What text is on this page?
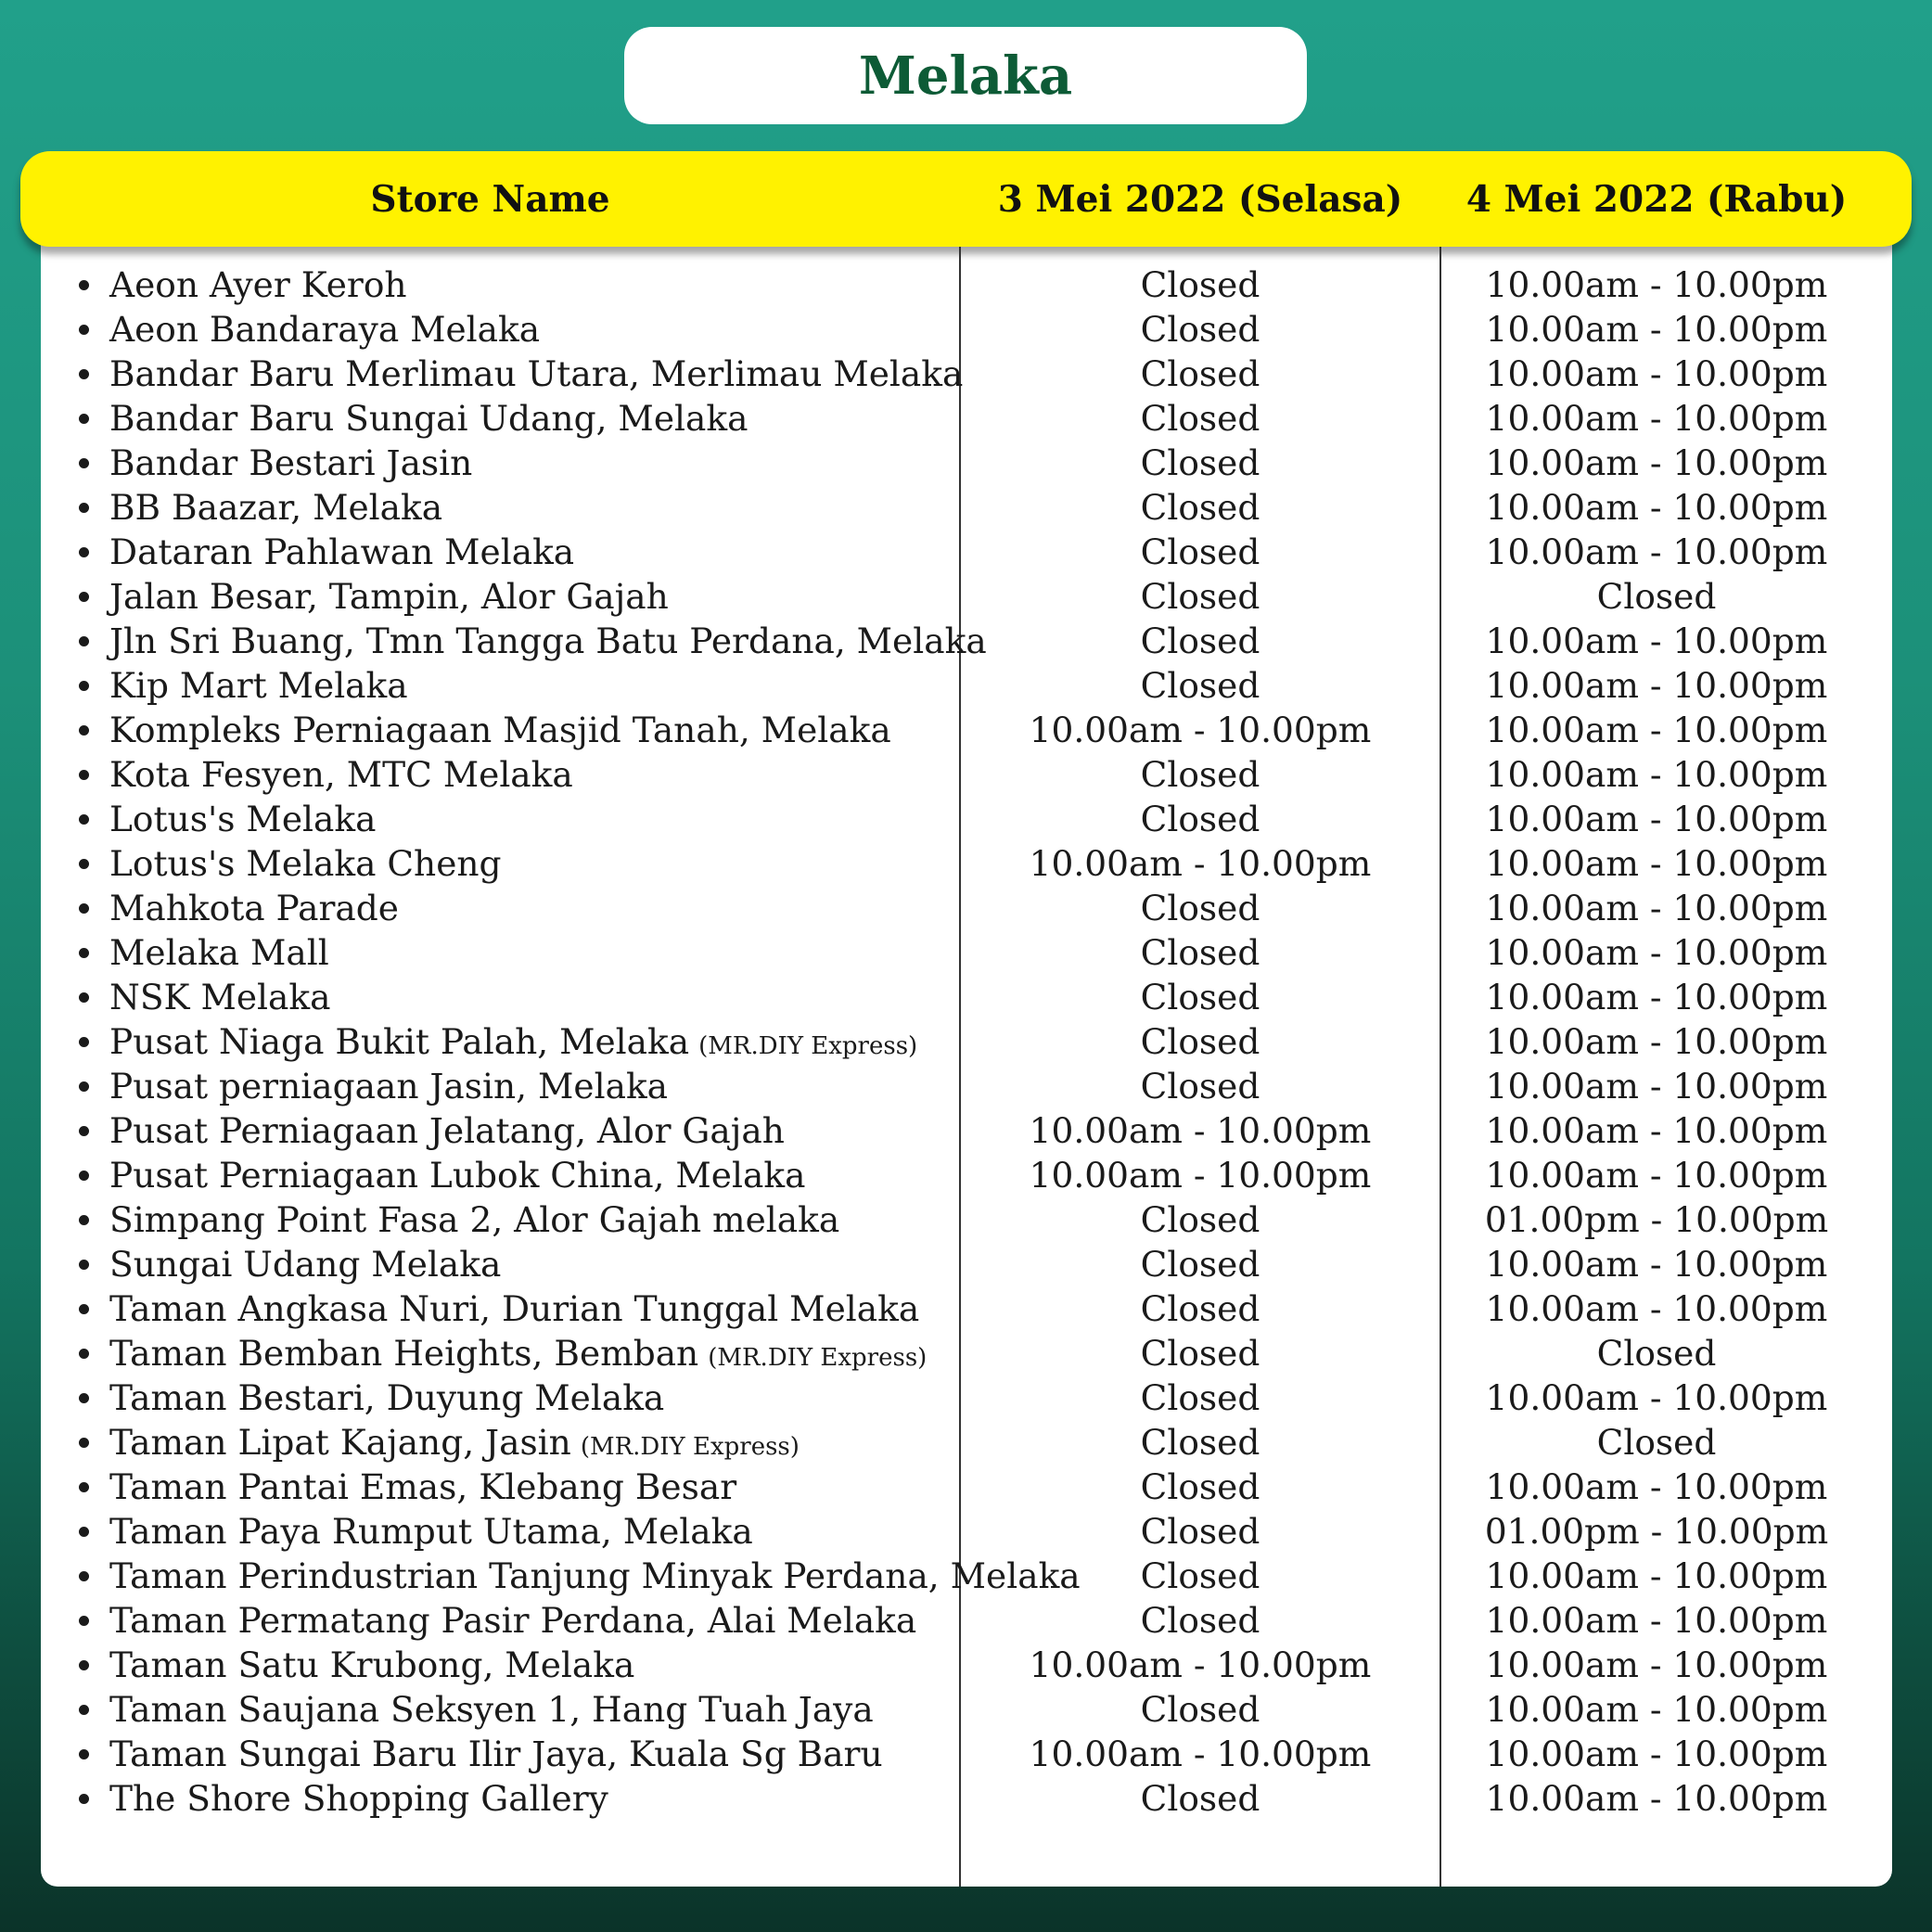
Melaka
Store Name	3 Mei 2022 (Selasa)	4 Mei 2022 (Rabu)
Aeon Ayer Keroh	Closed	10.00am - 10.00pm
Aeon Bandaraya Melaka	Closed	10.00am - 10.00pm
Bandar Baru Merlimau Utara, Merlimau Melaka	Closed	10.00am - 10.00pm
Bandar Baru Sungai Udang, Melaka	Closed	10.00am - 10.00pm
Bandar Bestari Jasin	Closed	10.00am - 10.00pm
BB Baazar, Melaka	Closed	10.00am - 10.00pm
Dataran Pahlawan Melaka	Closed	10.00am - 10.00pm
Jalan Besar, Tampin, Alor Gajah	Closed	Closed
Jln Sri Buang, Tmn Tangga Batu Perdana, Melaka	Closed	10.00am - 10.00pm
Kip Mart Melaka	Closed	10.00am - 10.00pm
Kompleks Perniagaan Masjid Tanah, Melaka	10.00am - 10.00pm	10.00am - 10.00pm
Kota Fesyen, MTC Melaka	Closed	10.00am - 10.00pm
Lotus's Melaka	Closed	10.00am - 10.00pm
Lotus's Melaka Cheng	10.00am - 10.00pm	10.00am - 10.00pm
Mahkota Parade	Closed	10.00am - 10.00pm
Melaka Mall	Closed	10.00am - 10.00pm
NSK Melaka	Closed	10.00am - 10.00pm
Pusat Niaga Bukit Palah, Melaka (MR.DIY Express)	Closed	10.00am - 10.00pm
Pusat perniagaan Jasin, Melaka	Closed	10.00am - 10.00pm
Pusat Perniagaan Jelatang, Alor Gajah	10.00am - 10.00pm	10.00am - 10.00pm
Pusat Perniagaan Lubok China, Melaka	10.00am - 10.00pm	10.00am - 10.00pm
Simpang Point Fasa 2, Alor Gajah melaka	Closed	01.00pm - 10.00pm
Sungai Udang Melaka	Closed	10.00am - 10.00pm
Taman Angkasa Nuri, Durian Tunggal Melaka	Closed	10.00am - 10.00pm
Taman Bemban Heights, Bemban (MR.DIY Express)	Closed	Closed
Taman Bestari, Duyung Melaka	Closed	10.00am - 10.00pm
Taman Lipat Kajang, Jasin (MR.DIY Express)	Closed	Closed
Taman Pantai Emas, Klebang Besar	Closed	10.00am - 10.00pm
Taman Paya Rumput Utama, Melaka	Closed	01.00pm - 10.00pm
Taman Perindustrian Tanjung Minyak Perdana, Melaka	Closed	10.00am - 10.00pm
Taman Permatang Pasir Perdana, Alai Melaka	Closed	10.00am - 10.00pm
Taman Satu Krubong, Melaka	10.00am - 10.00pm	10.00am - 10.00pm
Taman Saujana Seksyen 1, Hang Tuah Jaya	Closed	10.00am - 10.00pm
Taman Sungai Baru Ilir Jaya, Kuala Sg Baru	10.00am - 10.00pm	10.00am - 10.00pm
The Shore Shopping Gallery	Closed	10.00am - 10.00pm
